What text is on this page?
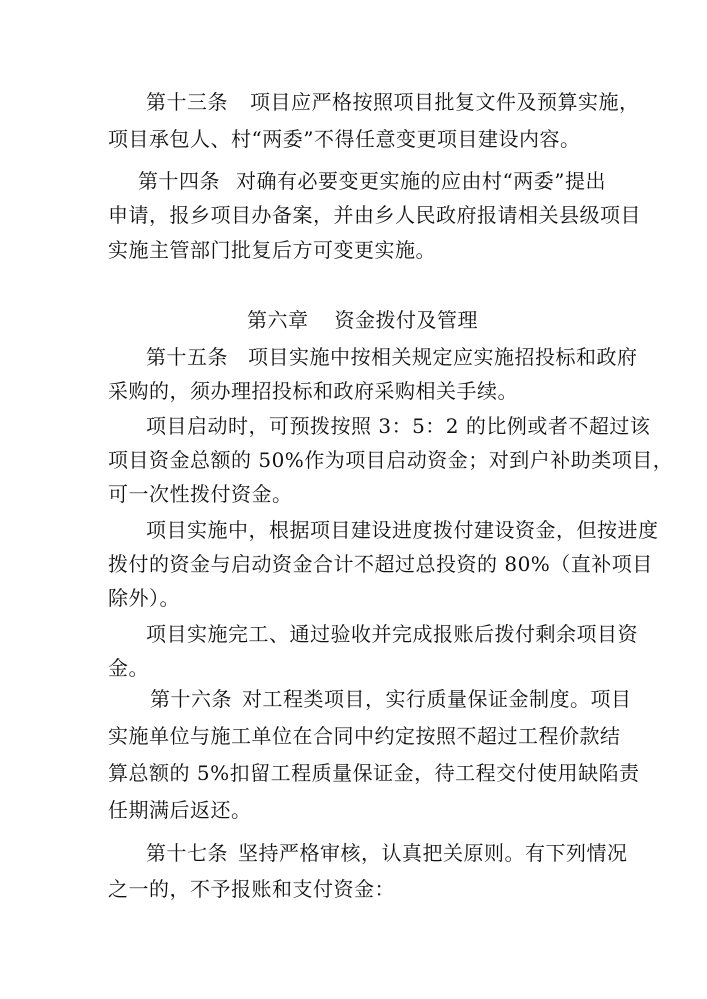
第十三条 项目应严格按照项目批复文件及预算实施，
项目承包人、村“两委”不得任意变更项目建设内容。
第十四条 对确有必要变更实施的应由村“两委”提出
申请，报乡项目办备案，并由乡人民政府报请相关县级项目
实施主管部门批复后方可变更实施。
第六章 资金拨付及管理
第十五条 项目实施中按相关规定应实施招投标和政府
采购的，须办理招投标和政府采购相关手续。
项目启动时，可预拨按照 3：5：2 的比例或者不超过该
项目资金总额的 50%作为项目启动资金；对到户补助类项目，
可一次性拨付资金。
项目实施中，根据项目建设进度拨付建设资金，但按进度
拨付的资金与启动资金合计不超过总投资的 80%（直补项目
除外）。
项目实施完工、通过验收并完成报账后拨付剩余项目资
金。
第十六条 对工程类项目，实行质量保证金制度。项目
实施单位与施工单位在合同中约定按照不超过工程价款结
算总额的 5%扣留工程质量保证金，待工程交付使用缺陷责
任期满后返还。
第十七条 坚持严格审核，认真把关原则。有下列情况
之一的，不予报账和支付资金：
